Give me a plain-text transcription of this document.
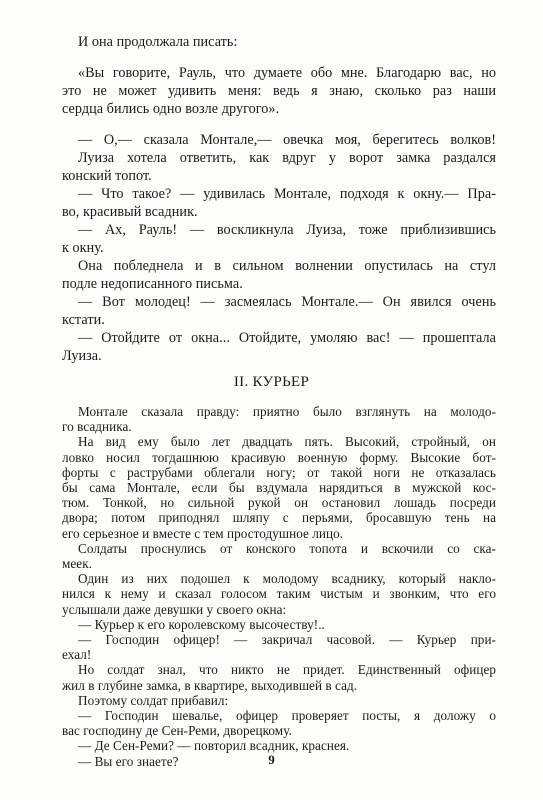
И она продолжала писать:

«Вы говорите, Рауль, что думаете обо мне. Благодарю вас, но

это не может удивить меня: ведь я знаю, сколько раз наши

сердца бились одно возле другого».

— О,— сказала Монтале,— овечка моя, берегитесь волков!

Луиза хотела ответить, как вдруг у ворот замка раздался

конский топот.

— Что такое? — удивилась Монтале, подходя к окну.— Пра-

во, красивый всадник.

— Ах, Рауль! — воскликнула Луиза, тоже приблизившись

к окну.

Она побледнела и в сильном волнении опустилась на стул

подле недописанного письма.

— Вот молодец! — засмеялась Монтале.— Он явился очень

кстати.

— Отойдите от окна... Отойдите, умоляю вас! — прошептала

Луиза.

II. КУРЬЕР

Монтале сказала правду: приятно было взглянуть на молодо-

го всадника.

На вид ему было лет двадцать пять. Высокий, стройный, он

ловко носил тогдашнюю красивую военную форму. Высокие бот-

форты с раструбами облегали ногу; от такой ноги не отказалась

бы сама Монтале, если бы вздумала нарядиться в мужской кос-

тюм. Тонкой, но сильной рукой он остановил лошадь посреди

двора; потом приподнял шляпу с перьями, бросавшую тень на

его серьезное и вместе с тем простодушное лицо.

Солдаты проснулись от конского топота и вскочили со ска-

меек.

Один из них подошел к молодому всаднику, который накло-

нился к нему и сказал голосом таким чистым и звонким, что его

услышали даже девушки у своего окна:

— Курьер к его королевскому высочеству!..

— Господин офицер! — закричал часовой. — Курьер при-

ехал!

Но солдат знал, что никто не придет. Единственный офицер

жил в глубине замка, в квартире, выходившей в сад.

Поэтому солдат прибавил:

— Господин шевалье, офицер проверяет посты, я доложу о

вас господину де Сен-Реми, дворецкому.

— Де Сен-Реми? — повторил всадник, краснея.

— Вы его знаете?	9
